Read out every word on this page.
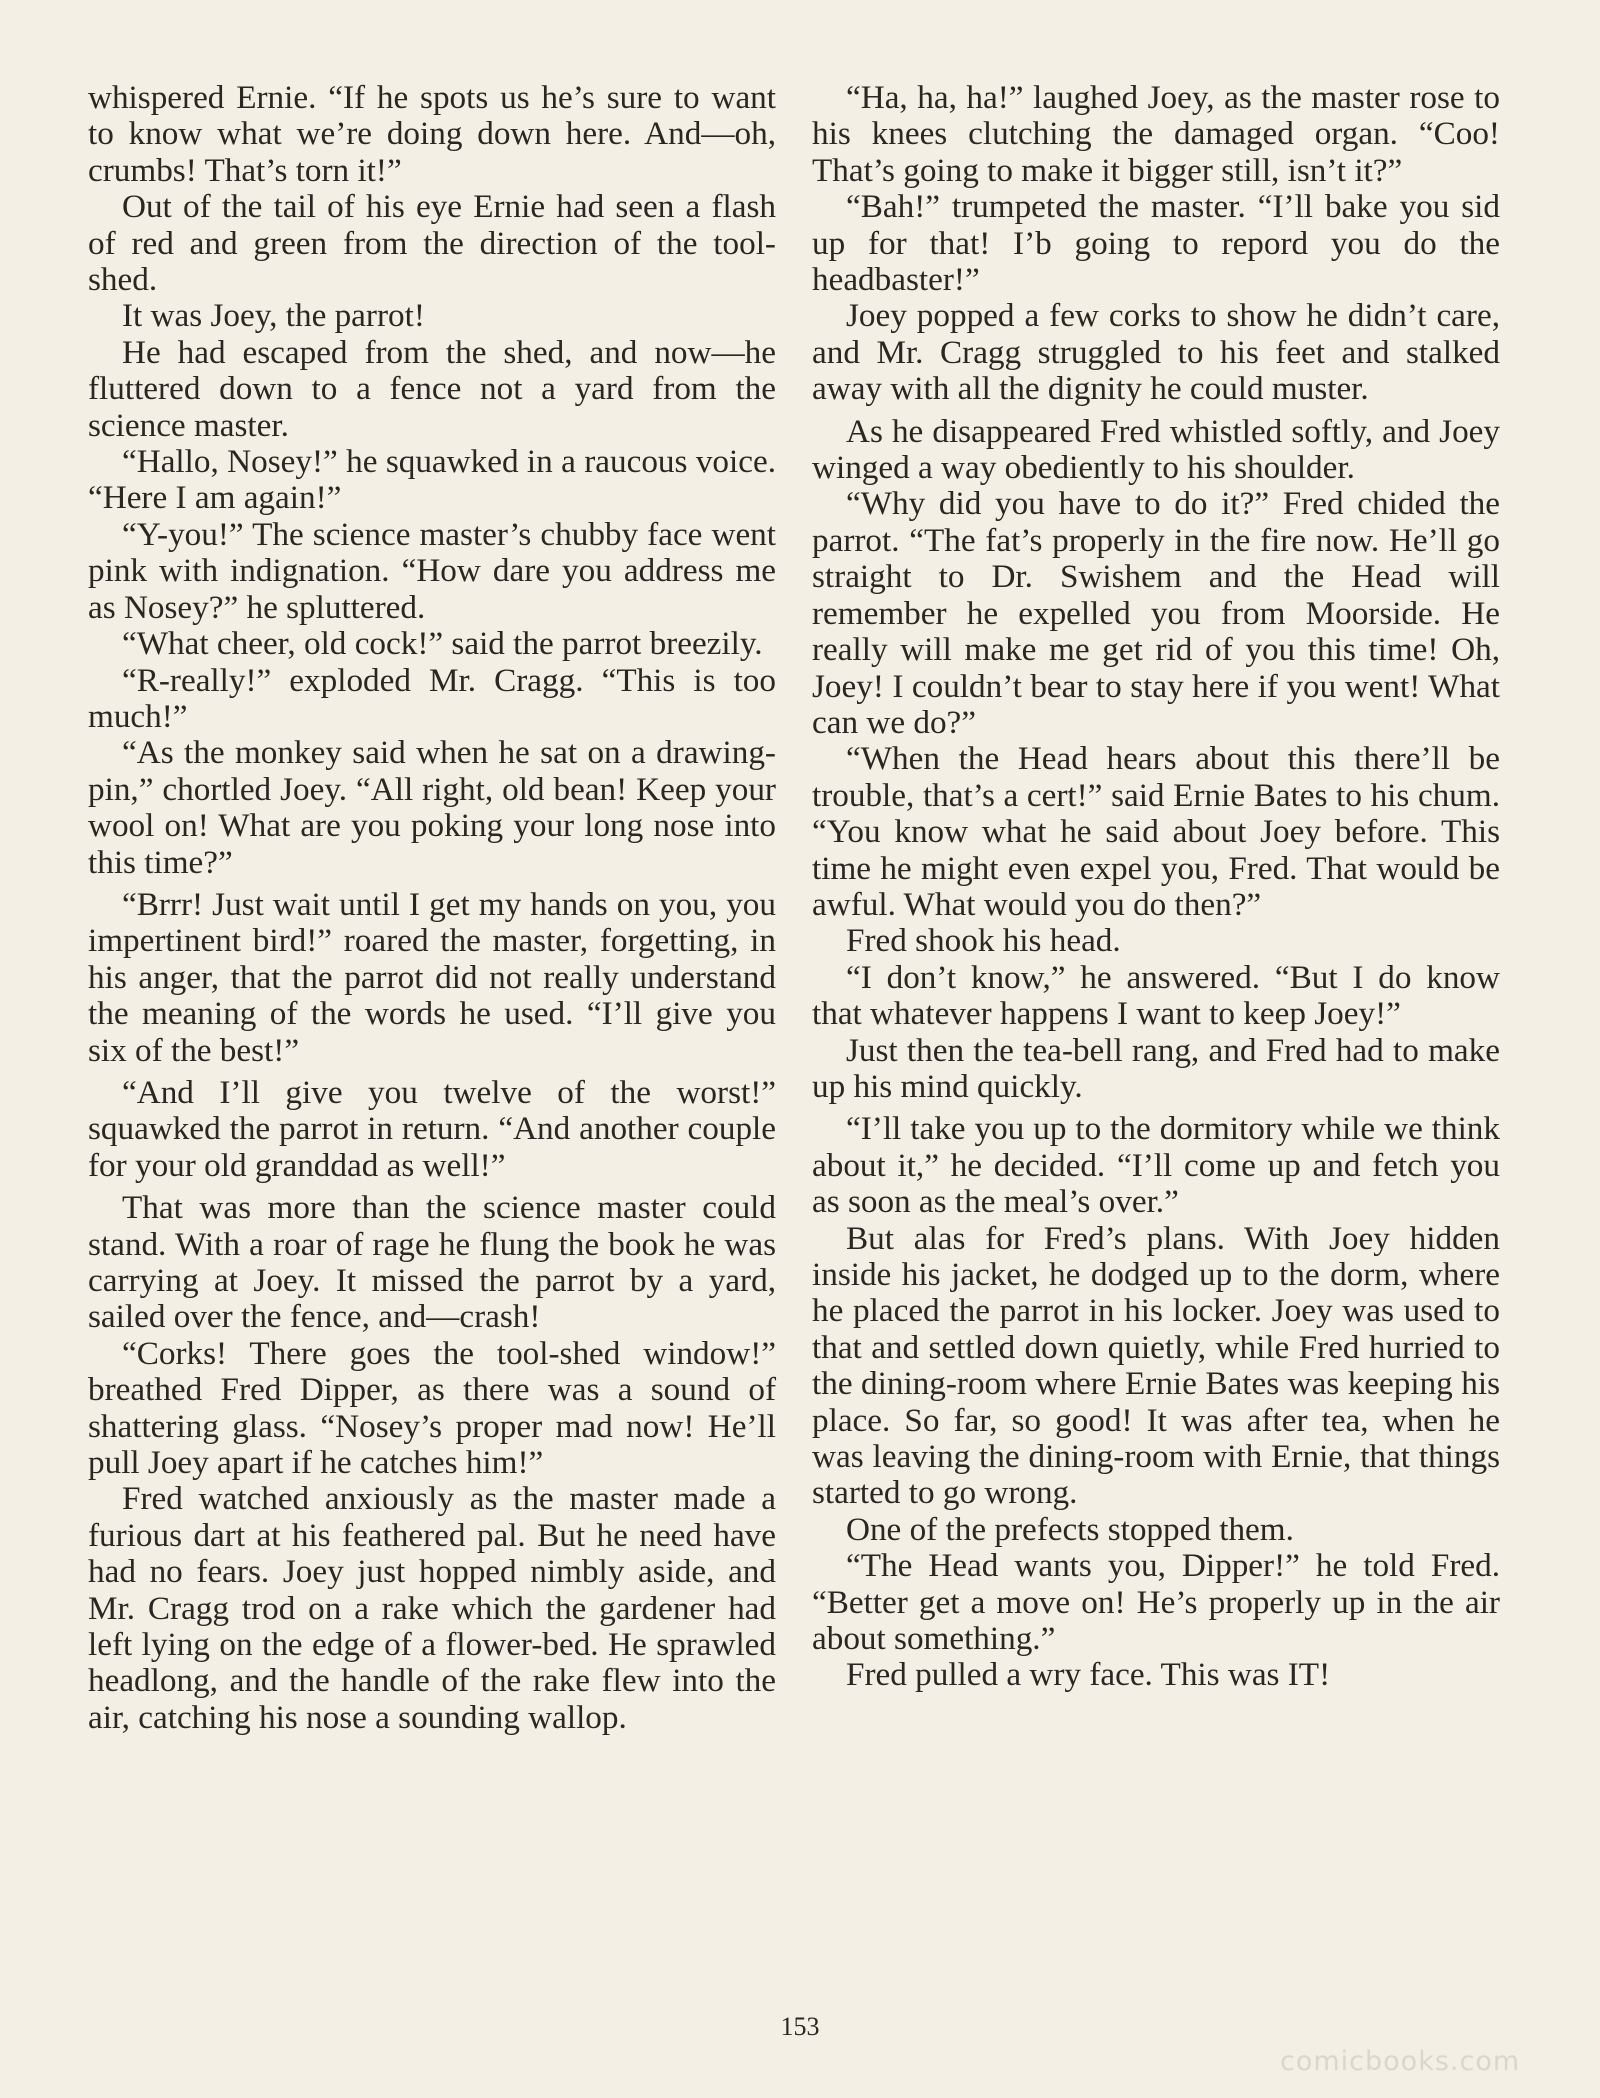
whispered Ernie. “If he spots us he’s sure to want to know what we’re doing down here. And—oh, crumbs! That’s torn it!”

Out of the tail of his eye Ernie had seen a flash of red and green from the direction of the tool-shed.

It was Joey, the parrot!

He had escaped from the shed, and now—he fluttered down to a fence not a yard from the science master.

“Hallo, Nosey!” he squawked in a raucous voice. “Here I am again!”

“Y-you!” The science master’s chubby face went pink with indignation. “How dare you address me as Nosey?” he spluttered.

“What cheer, old cock!” said the parrot breezily.

“R-really!” exploded Mr. Cragg. “This is too much!”

“As the monkey said when he sat on a drawing-pin,” chortled Joey. “All right, old bean! Keep your wool on! What are you poking your long nose into this time?”

“Brrr! Just wait until I get my hands on you, you impertinent bird!” roared the master, forgetting, in his anger, that the parrot did not really understand the meaning of the words he used. “I’ll give you six of the best!”

“And I’ll give you twelve of the worst!” squawked the parrot in return. “And another couple for your old granddad as well!”

That was more than the science master could stand. With a roar of rage he flung the book he was carrying at Joey. It missed the parrot by a yard, sailed over the fence, and—crash!

“Corks! There goes the tool-shed window!” breathed Fred Dipper, as there was a sound of shattering glass. “Nosey’s proper mad now! He’ll pull Joey apart if he catches him!”

Fred watched anxiously as the master made a furious dart at his feathered pal. But he need have had no fears. Joey just hopped nimbly aside, and Mr. Cragg trod on a rake which the gardener had left lying on the edge of a flower-bed. He sprawled headlong, and the handle of the rake flew into the air, catching his nose a sounding wallop.

“Ha, ha, ha!” laughed Joey, as the master rose to his knees clutching the damaged organ. “Coo! That’s going to make it bigger still, isn’t it?”

“Bah!” trumpeted the master. “I’ll bake you sid up for that! I’b going to repord you do the headbaster!”

Joey popped a few corks to show he didn’t care, and Mr. Cragg struggled to his feet and stalked away with all the dignity he could muster.

As he disappeared Fred whistled softly, and Joey winged a way obediently to his shoulder.

“Why did you have to do it?” Fred chided the parrot. “The fat’s properly in the fire now. He’ll go straight to Dr. Swishem and the Head will remember he expelled you from Moorside. He really will make me get rid of you this time! Oh, Joey! I couldn’t bear to stay here if you went! What can we do?”

“When the Head hears about this there’ll be trouble, that’s a cert!” said Ernie Bates to his chum. “You know what he said about Joey before. This time he might even expel you, Fred. That would be awful. What would you do then?”

Fred shook his head.

“I don’t know,” he answered. “But I do know that whatever happens I want to keep Joey!”

Just then the tea-bell rang, and Fred had to make up his mind quickly.

“I’ll take you up to the dormitory while we think about it,” he decided. “I’ll come up and fetch you as soon as the meal’s over.”

But alas for Fred’s plans. With Joey hidden inside his jacket, he dodged up to the dorm, where he placed the parrot in his locker. Joey was used to that and settled down quietly, while Fred hurried to the dining-room where Ernie Bates was keeping his place. So far, so good! It was after tea, when he was leaving the dining-room with Ernie, that things started to go wrong.

One of the prefects stopped them.

“The Head wants you, Dipper!” he told Fred. “Better get a move on! He’s properly up in the air about something.”

Fred pulled a wry face. This was IT!

153
comicbooks.com
